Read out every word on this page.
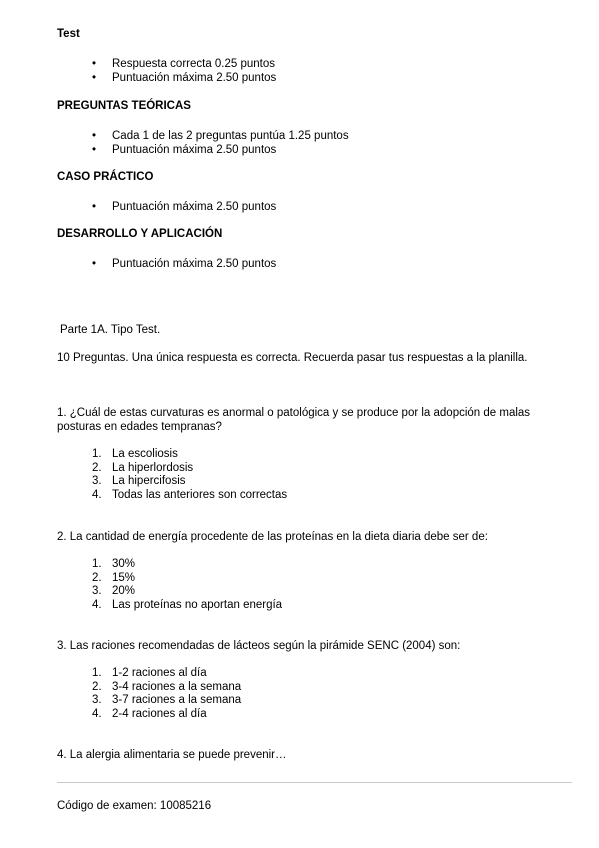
Test
• Respuesta correcta 0.25 puntos
• Puntuación máxima 2.50 puntos
PREGUNTAS TEÓRICAS
• Cada 1 de las 2 preguntas puntúa 1.25 puntos
• Puntuación máxima 2.50 puntos
CASO PRÁCTICO
• Puntuación máxima 2.50 puntos
DESARROLLO Y APLICACIÓN
• Puntuación máxima 2.50 puntos
Parte 1A. Tipo Test.
10 Preguntas. Una única respuesta es correcta. Recuerda pasar tus respuestas a la planilla.
1. ¿Cuál de estas curvaturas es anormal o patológica y se produce por la adopción de malas posturas en edades tempranas?
1. La escoliosis
2. La hiperlordosis
3. La hipercifosis
4. Todas las anteriores son correctas
2. La cantidad de energía procedente de las proteínas en la dieta diaria debe ser de:
1. 30%
2. 15%
3. 20%
4. Las proteínas no aportan energía
3. Las raciones recomendadas de lácteos según la pirámide SENC (2004) son:
1. 1-2 raciones al día
2. 3-4 raciones a la semana
3. 3-7 raciones a la semana
4. 2-4 raciones al día
4. La alergia alimentaria se puede prevenir…
Código de examen: 10085216
